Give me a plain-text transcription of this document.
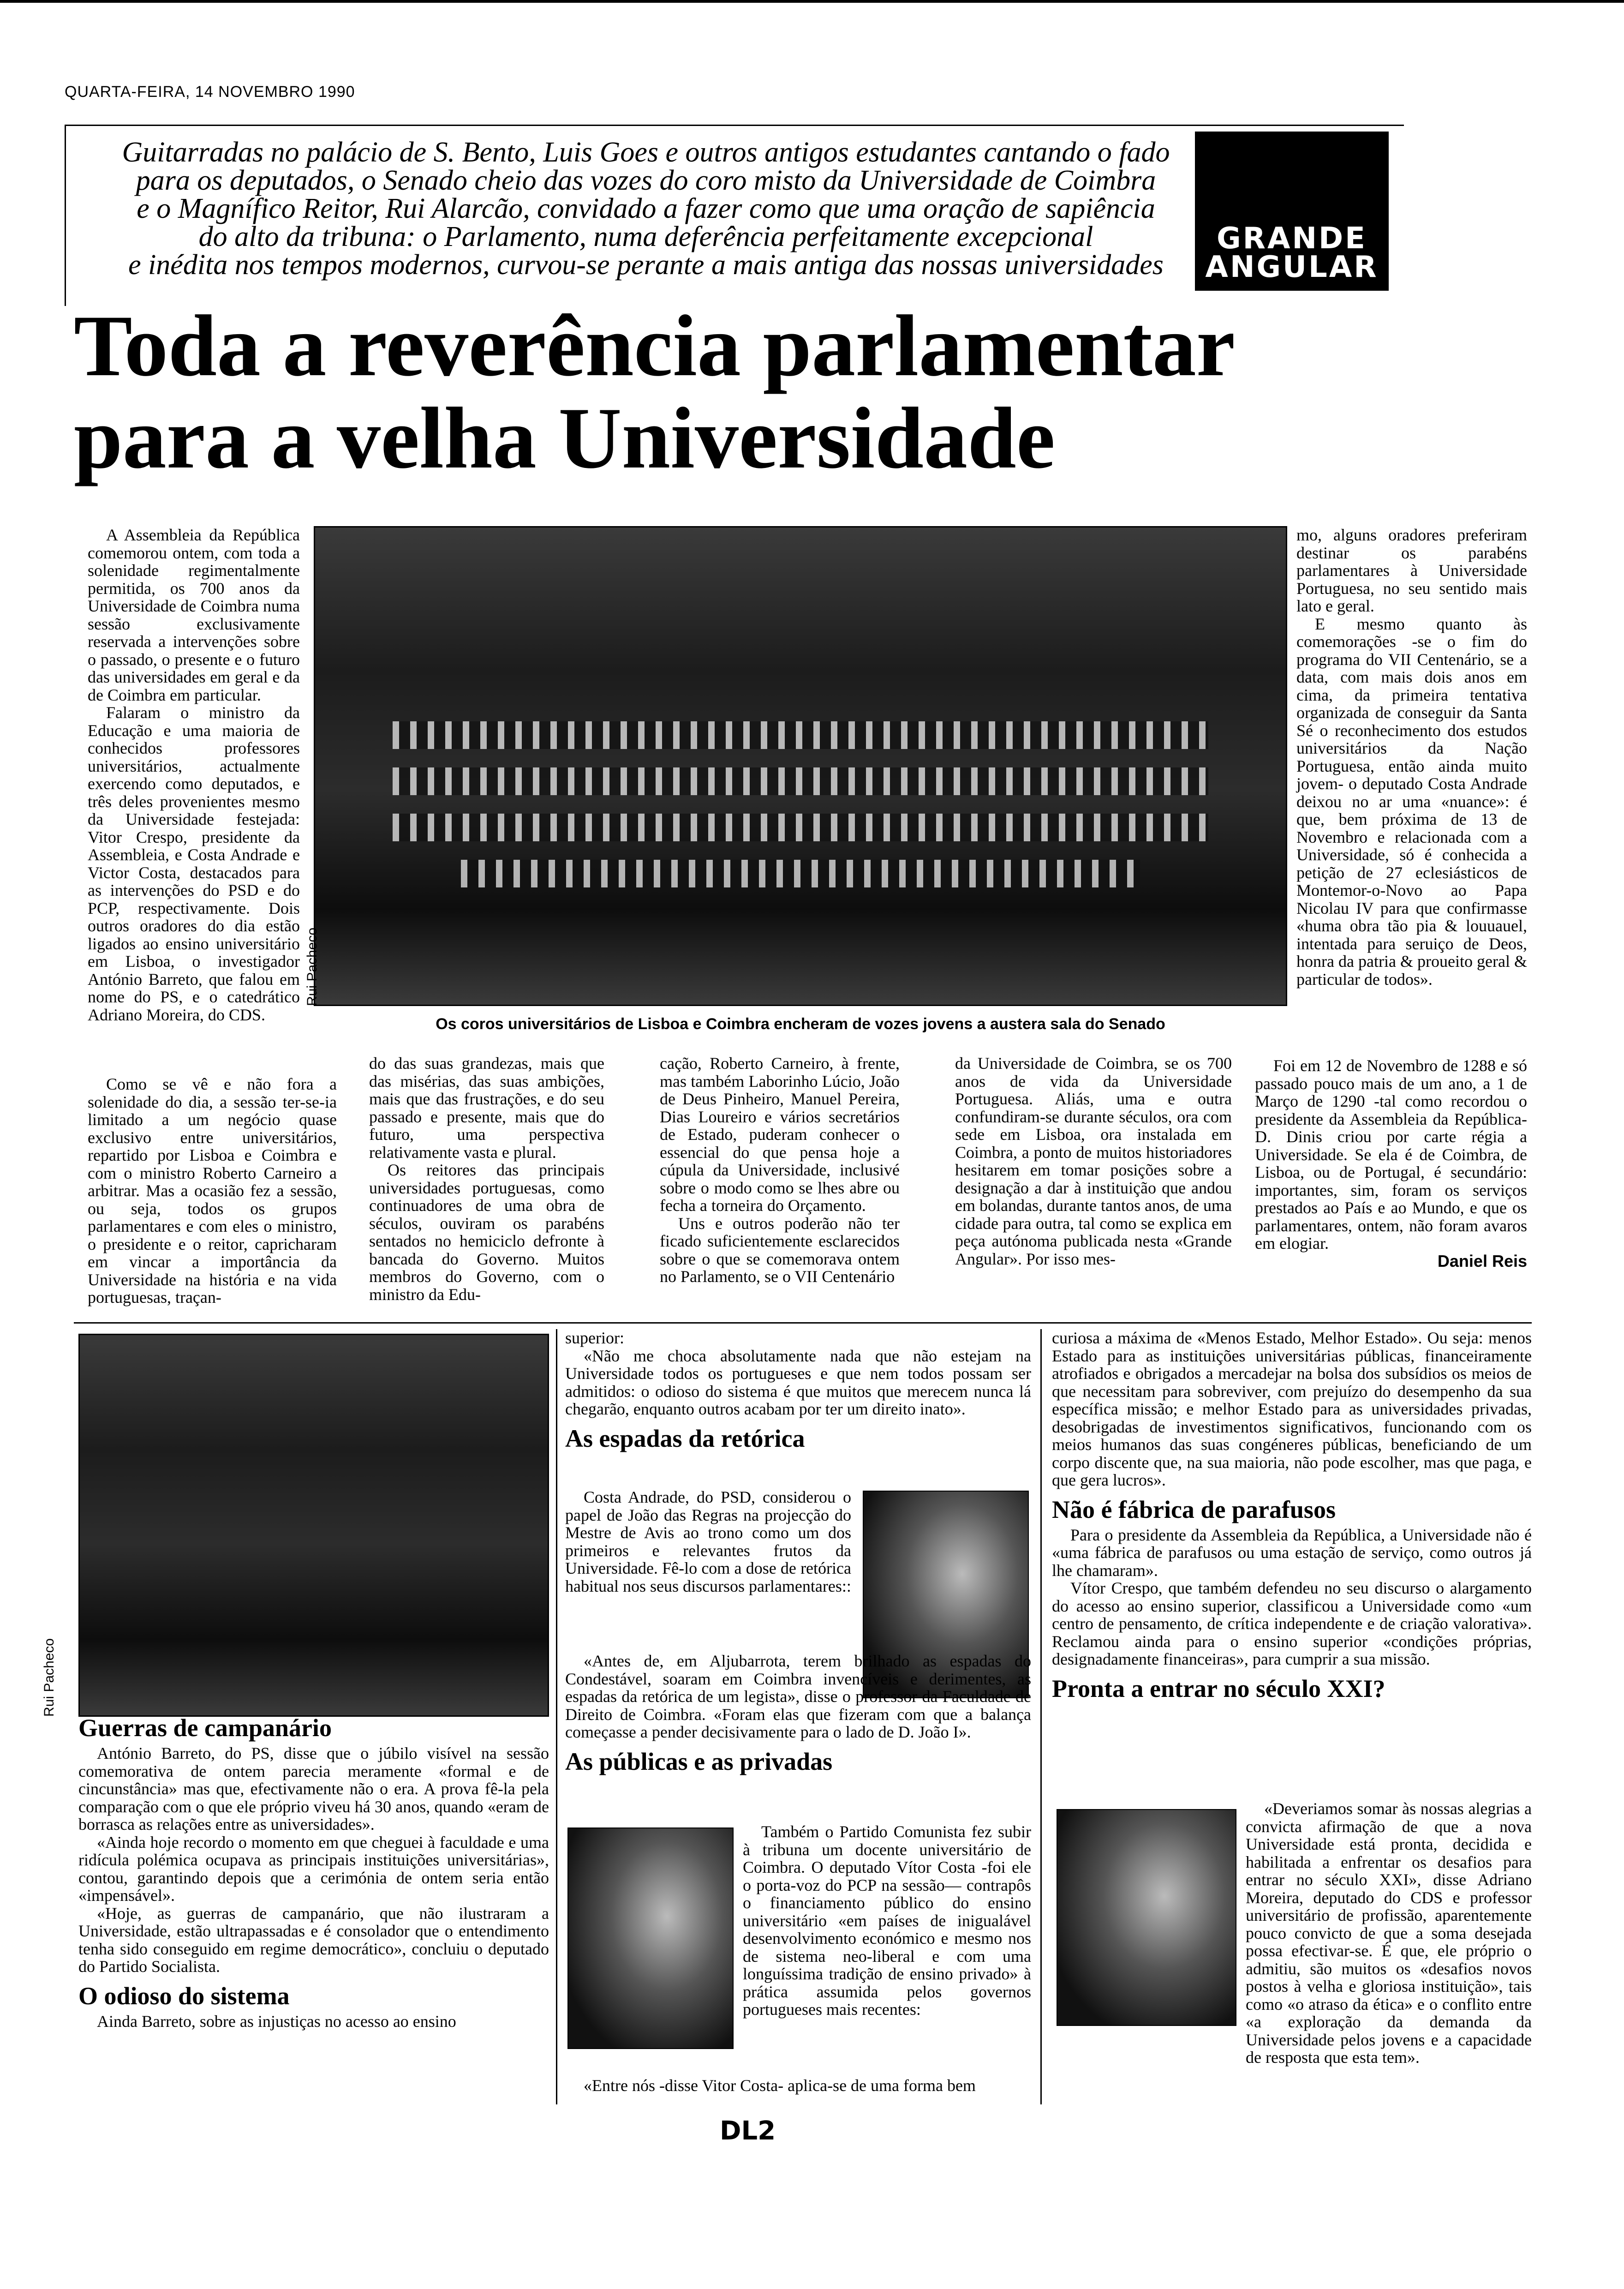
QUARTA-FEIRA, 14 NOVEMBRO 1990
Guitarradas no palácio de S. Bento, Luis Goes e outros antigos estudantes cantando o fado
para os deputados, o Senado cheio das vozes do coro misto da Universidade de Coimbra
e o Magnífico Reitor, Rui Alarcão, convidado a fazer como que uma oração de sapiência
do alto da tribuna: o Parlamento, numa deferência perfeitamente excepcional
e inédita nos tempos modernos, curvou-se perante a mais antiga das nossas universidades
GRANDE
ANGULAR
Toda a reverência parlamentar
para a velha Universidade

A Assembleia da República comemorou ontem, com toda a solenidade regimentalmente permitida, os 700 anos da Universidade de Coimbra numa sessão exclusivamente reservada a intervenções sobre o passado, o presente e o futuro das universidades em geral e da de Coimbra em particular.

Falaram o ministro da Educação e uma maioria de conhecidos professores universitários, actualmente exercendo como deputados, e três deles provenientes mesmo da Universidade festejada: Vitor Crespo, presidente da Assembleia, e Costa Andrade e Victor Costa, destacados para as intervenções do PSD e do PCP, respectivamente. Dois outros oradores do dia estão ligados ao ensino universitário em Lisboa, o investigador António Barreto, que falou em nome do PS, e o catedrático Adriano Moreira, do CDS.

Como se vê e não fora a solenidade do dia, a sessão ter-se-ia limitado a um negócio quase exclusivo entre universitários, repartido por Lisboa e Coimbra e com o ministro Roberto Carneiro a arbitrar. Mas a ocasião fez a sessão, ou seja, todos os grupos parlamentares e com eles o ministro, o presidente e o reitor, capricharam em vincar a importância da Universidade na história e na vida portuguesas, traçan-

Rui Pacheco
Os coros universitários de Lisboa e Coimbra encheram de vozes jovens a austera sala do Senado

do das suas grandezas, mais que das misérias, das suas ambições, mais que das frustrações, e do seu passado e presente, mais que do futuro, uma perspectiva relativamente vasta e plural.

Os reitores das principais universidades portuguesas, como continuadores de uma obra de séculos, ouviram os parabéns sentados no hemiciclo defronte à bancada do Governo. Muitos membros do Governo, com o ministro da Edu-

cação, Roberto Carneiro, à frente, mas também Laborinho Lúcio, João de Deus Pinheiro, Manuel Pereira, Dias Loureiro e vários secretários de Estado, puderam conhecer o essencial do que pensa hoje a cúpula da Universidade, inclusivé sobre o modo como se lhes abre ou fecha a torneira do Orçamento.

Uns e outros poderão não ter ficado suficientemente esclarecidos sobre o que se comemorava ontem no Parlamento, se o VII Centenário

da Universidade de Coimbra, se os 700 anos de vida da Universidade Portuguesa. Aliás, uma e outra confundiram-se durante séculos, ora com sede em Lisboa, ora instalada em Coimbra, a ponto de muitos historiadores hesitarem em tomar posições sobre a designação a dar à instituição que andou em bolandas, durante tantos anos, de uma cidade para outra, tal como se explica em peça autónoma publicada nesta «Grande Angular». Por isso mes-

mo, alguns oradores preferiram destinar os parabéns parlamentares à Universidade Portuguesa, no seu sentido mais lato e geral.

E mesmo quanto às comemorações -se o fim do programa do VII Centenário, se a data, com mais dois anos em cima, da primeira tentativa organizada de conseguir da Santa Sé o reconhecimento dos estudos universitários da Nação Portuguesa, então ainda muito jovem- o deputado Costa Andrade deixou no ar uma «nuance»: é que, bem próxima de 13 de Novembro e relacionada com a Universidade, só é conhecida a petição de 27 eclesiásticos de Montemor-o-Novo ao Papa Nicolau IV para que confirmasse «huma obra tão pia & louuauel, intentada para seruiço de Deos, honra da patria & proueito geral & particular de todos».

Foi em 12 de Novembro de 1288 e só passado pouco mais de um ano, a 1 de Março de 1290 -tal como recordou o presidente da Assembleia da República- D. Dinis criou por carte régia a Universidade. Se ela é de Coimbra, de Lisboa, ou de Portugal, é secundário: importantes, sim, foram os serviços prestados ao País e ao Mundo, e que os parlamentares, ontem, não foram avaros em elogiar.

Daniel Reis
Rui Pacheco
Guerras de campanário

António Barreto, do PS, disse que o júbilo visível na sessão comemorativa de ontem parecia meramente «formal e de cincunstância» mas que, efectivamente não o era. A prova fê-la pela comparação com o que ele próprio viveu há 30 anos, quando «eram de borrasca as relações entre as universidades».

«Ainda hoje recordo o momento em que cheguei à faculdade e uma ridícula polémica ocupava as principais instituições universitárias», contou, garantindo depois que a cerimónia de ontem seria então «impensável».

«Hoje, as guerras de campanário, que não ilustraram a Universidade, estão ultrapassadas e é consolador que o entendimento tenha sido conseguido em regime democrático», concluiu o deputado do Partido Socialista.

O odioso do sistema

Ainda Barreto, sobre as injustiças no acesso ao ensino

superior:

«Não me choca absolutamente nada que não estejam na Universidade todos os portugueses e que nem todos possam ser admitidos: o odioso do sistema é que muitos que merecem nunca lá chegarão, enquanto outros acabam por ter um direito inato».

As espadas da retórica

Costa Andrade, do PSD, considerou o papel de João das Regras na projecção do Mestre de Avis ao trono como um dos primeiros e relevantes frutos da Universidade. Fê-lo com a dose de retórica habitual nos seus discursos parlamentares::

«Antes de, em Aljubarrota, terem brilhado as espadas do Condestável, soaram em Coimbra invencíveis e derimentes, as espadas da retórica de um legista», disse o professor da Faculdade de Direito de Coimbra. «Foram elas que fizeram com que a balança começasse a pender decisivamente para o lado de D. João I».

As públicas e as privadas

Também o Partido Comunista fez subir à tribuna um docente universitário de Coimbra. O deputado Vítor Costa -foi ele o porta-voz do PCP na sessão— contrapôs o financiamento público do ensino universitário «em países de inigualável desenvolvimento económico e mesmo nos de sistema neo-liberal e com uma longuíssima tradição de ensino privado» à prática assumida pelos governos portugueses mais recentes:

«Entre nós -disse Vitor Costa- aplica-se de uma forma bem

curiosa a máxima de «Menos Estado, Melhor Estado». Ou seja: menos Estado para as instituições universitárias públicas, financeiramente atrofiados e obrigados a mercadejar na bolsa dos subsídios os meios de que necessitam para sobreviver, com prejuízo do desempenho da sua específica missão; e melhor Estado para as universidades privadas, desobrigadas de investimentos significativos, funcionando com os meios humanos das suas congéneres públicas, beneficiando de um corpo discente que, na sua maioria, não pode escolher, mas que paga, e que gera lucros».

Não é fábrica de parafusos

Para o presidente da Assembleia da República, a Universidade não é «uma fábrica de parafusos ou uma estação de serviço, como outros já lhe chamaram».

Vítor Crespo, que também defendeu no seu discurso o alargamento do acesso ao ensino superior, classificou a Universidade como «um centro de pensamento, de crítica independente e de criação valorativa». Reclamou ainda para o ensino superior «condições próprias, designadamente financeiras», para cumprir a sua missão.

Pronta a entrar no século XXI?

«Deveriamos somar às nossas alegrias a convicta afirmação de que a nova Universidade está pronta, decidida e habilitada a enfrentar os desafios para entrar no século XXI», disse Adriano Moreira, deputado do CDS e professor universitário de profissão, aparentemente pouco convicto de que a soma desejada possa efectivar-se. É que, ele próprio o admitiu, são muitos os «desafios novos postos à velha e gloriosa instituição», tais como «o atraso da ética» e o conflito entre «a exploração da demanda da Universidade pelos jovens e a capacidade de resposta que esta tem».

DL2
